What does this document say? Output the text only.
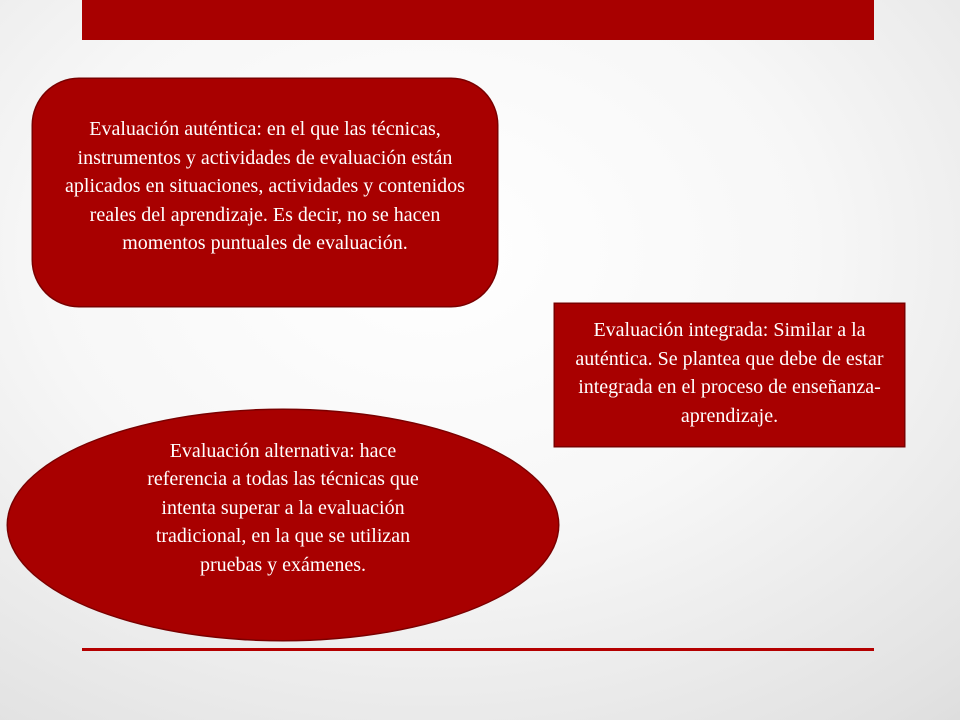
Evaluación auténtica: en el que las técnicas, instrumentos y actividades de evaluación están aplicados en situaciones, actividades y contenidos reales del aprendizaje. Es decir, no se hacen momentos puntuales de evaluación.

Evaluación integrada: Similar a la auténtica. Se plantea que debe de estar integrada en el proceso de enseñanza- aprendizaje.

Evaluación alternativa: hace referencia a todas las técnicas que intenta superar a la evaluación tradicional, en la que se utilizan pruebas y exámenes.
